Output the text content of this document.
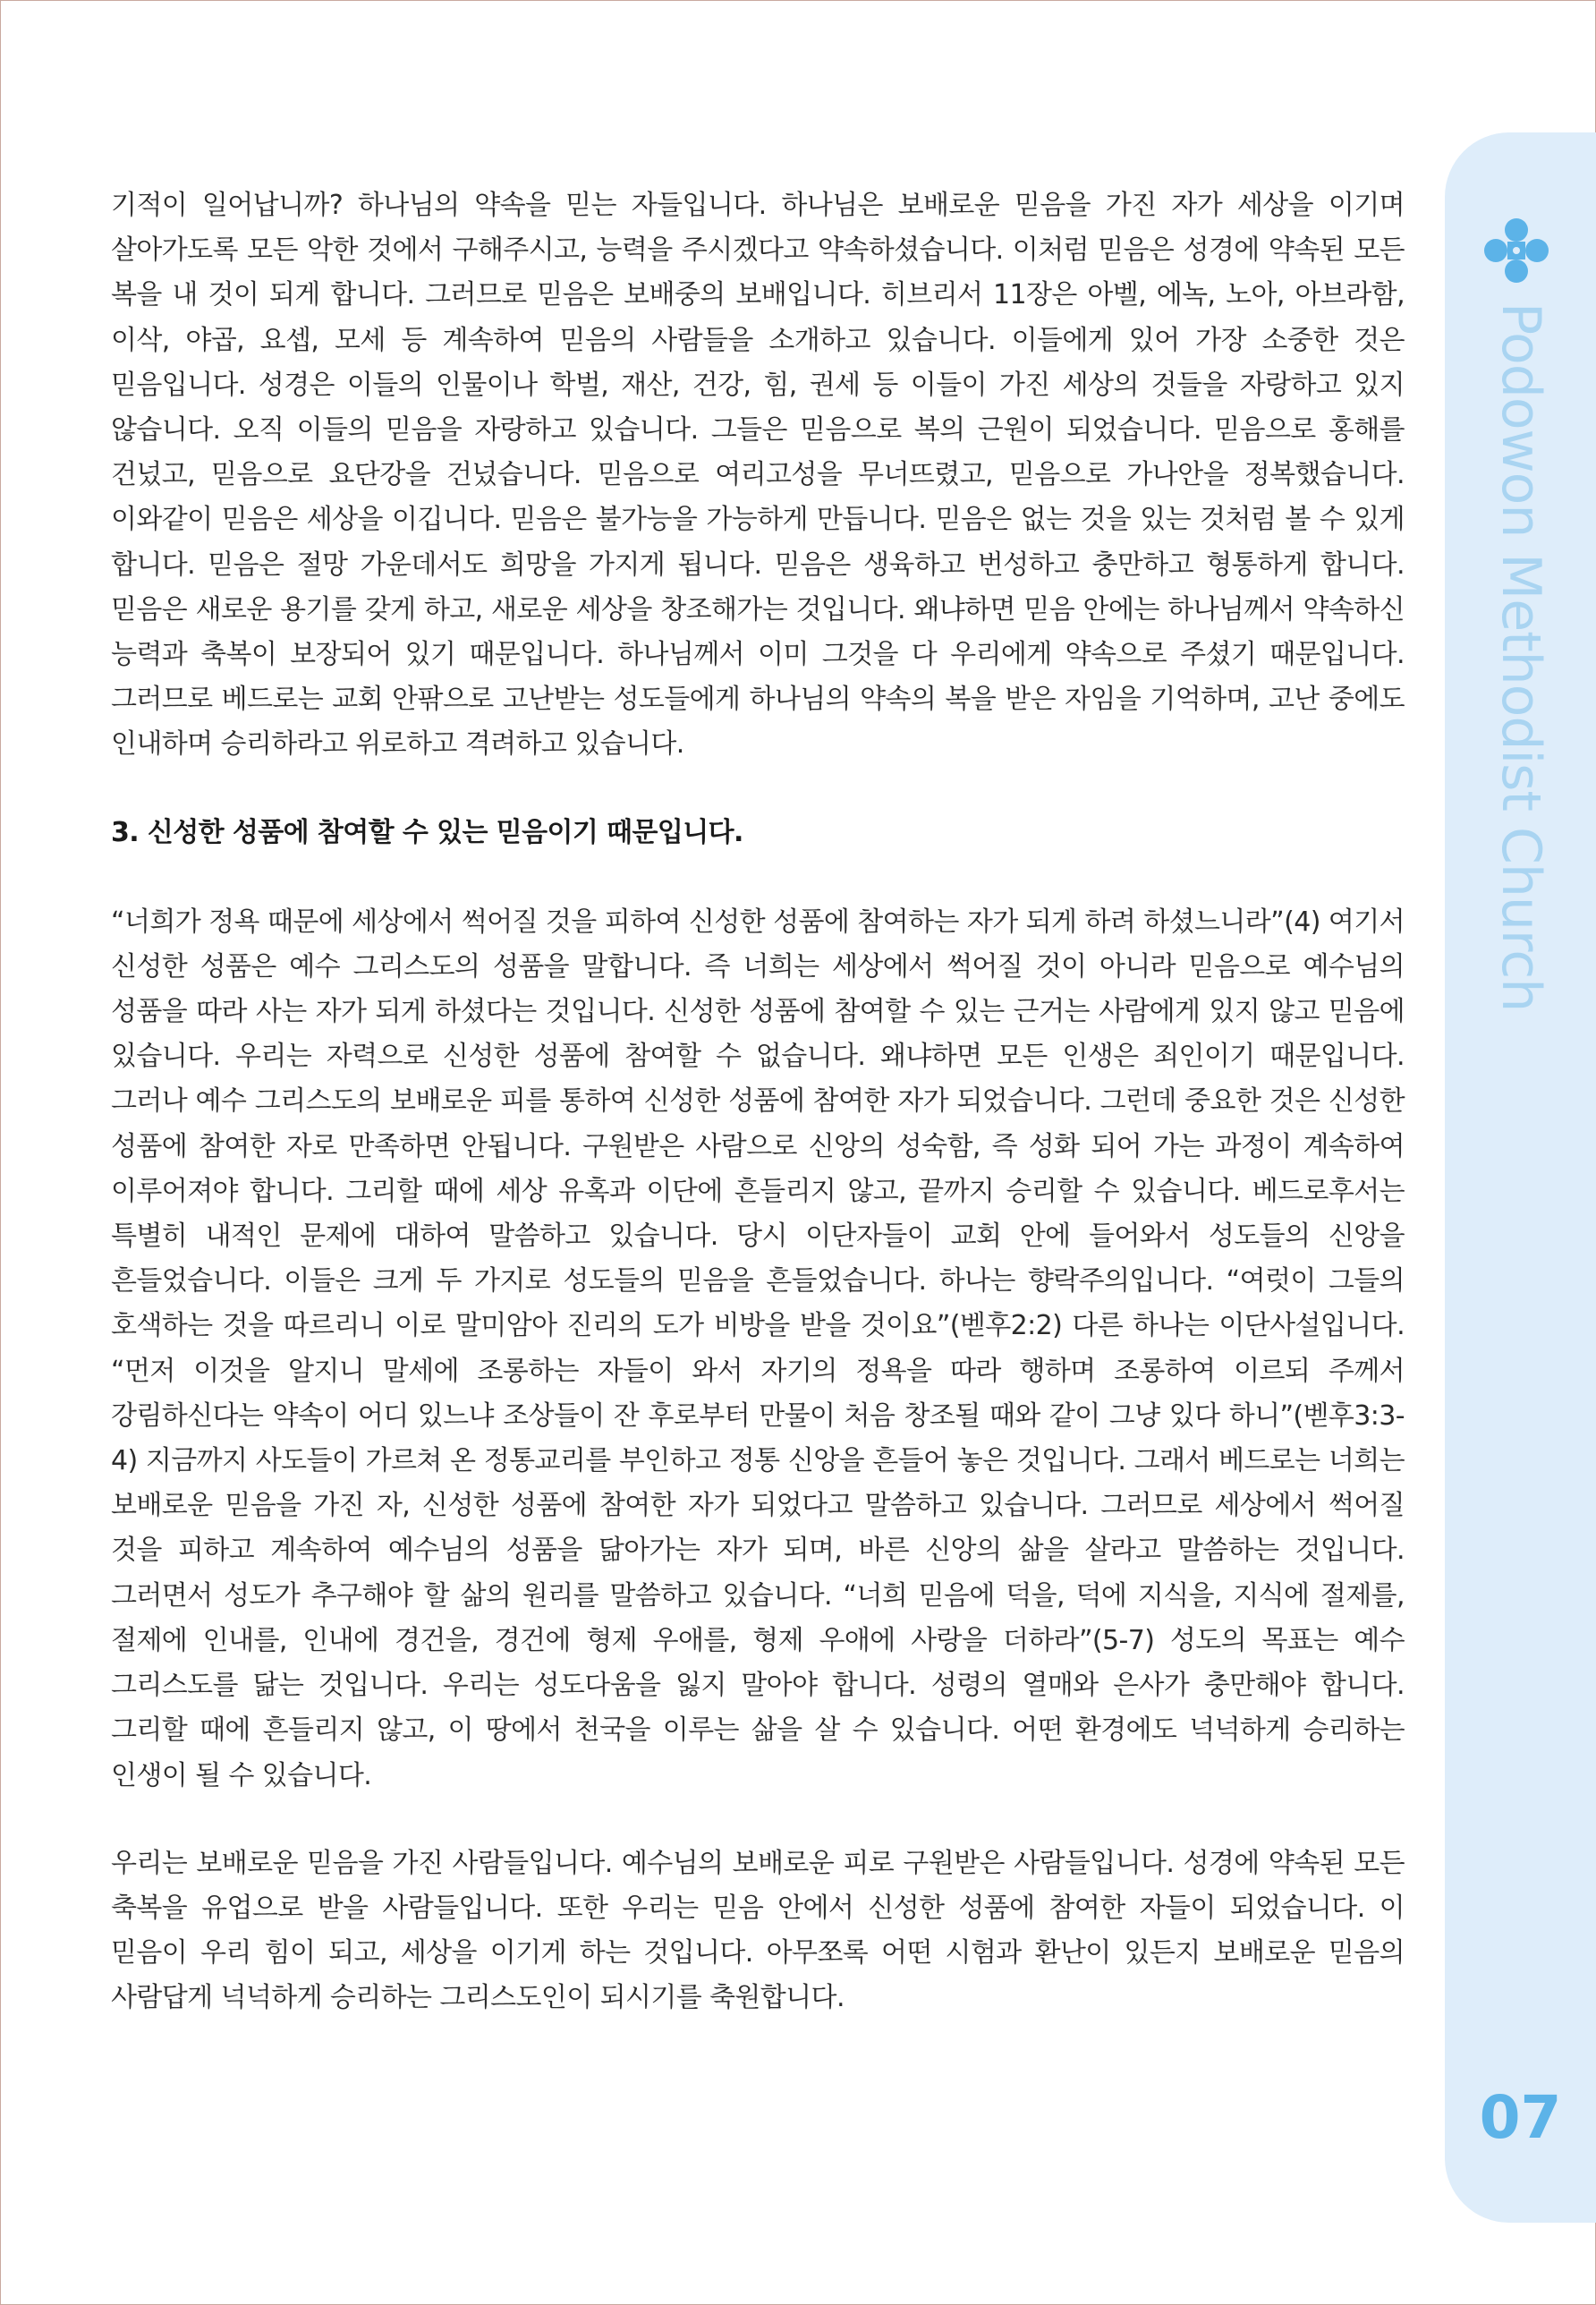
기적이 일어납니까? 하나님의 약속을 믿는 자들입니다. 하나님은 보배로운 믿음을 가진 자가 세상을 이기며 살아가도록 모든 악한 것에서 구해주시고, 능력을 주시겠다고 약속하셨습니다. 이처럼 믿음은 성경에 약속된 모든 복을 내 것이 되게 합니다. 그러므로 믿음은 보배중의 보배입니다. 히브리서 11장은 아벨, 에녹, 노아, 아브라함, 이삭, 야곱, 요셉, 모세 등 계속하여 믿음의 사람들을 소개하고 있습니다. 이들에게 있어 가장 소중한 것은 믿음입니다. 성경은 이들의 인물이나 학벌, 재산, 건강, 힘, 권세 등 이들이 가진 세상의 것들을 자랑하고 있지 않습니다. 오직 이들의 믿음을 자랑하고 있습니다. 그들은 믿음으로 복의 근원이 되었습니다. 믿음으로 홍해를 건넜고, 믿음으로 요단강을 건넜습니다. 믿음으로 여리고성을 무너뜨렸고, 믿음으로 가나안을 정복했습니다. 이와같이 믿음은 세상을 이깁니다. 믿음은 불가능을 가능하게 만듭니다. 믿음은 없는 것을 있는 것처럼 볼 수 있게 합니다. 믿음은 절망 가운데서도 희망을 가지게 됩니다. 믿음은 생육하고 번성하고 충만하고 형통하게 합니다. 믿음은 새로운 용기를 갖게 하고, 새로운 세상을 창조해가는 것입니다. 왜냐하면 믿음 안에는 하나님께서 약속하신 능력과 축복이 보장되어 있기 때문입니다. 하나님께서 이미 그것을 다 우리에게 약속으로 주셨기 때문입니다. 그러므로 베드로는 교회 안팎으로 고난받는 성도들에게 하나님의 약속의 복을 받은 자임을 기억하며, 고난 중에도 인내하며 승리하라고 위로하고 격려하고 있습니다.

3. 신성한 성품에 참여할 수 있는 믿음이기 때문입니다.

“너희가 정욕 때문에 세상에서 썩어질 것을 피하여 신성한 성품에 참여하는 자가 되게 하려 하셨느니라”(4) 여기서 신성한 성품은 예수 그리스도의 성품을 말합니다. 즉 너희는 세상에서 썩어질 것이 아니라 믿음으로 예수님의 성품을 따라 사는 자가 되게 하셨다는 것입니다. 신성한 성품에 참여할 수 있는 근거는 사람에게 있지 않고 믿음에 있습니다. 우리는 자력으로 신성한 성품에 참여할 수 없습니다. 왜냐하면 모든 인생은 죄인이기 때문입니다. 그러나 예수 그리스도의 보배로운 피를 통하여 신성한 성품에 참여한 자가 되었습니다. 그런데 중요한 것은 신성한 성품에 참여한 자로 만족하면 안됩니다. 구원받은 사람으로 신앙의 성숙함, 즉 성화 되어 가는 과정이 계속하여 이루어져야 합니다. 그리할 때에 세상 유혹과 이단에 흔들리지 않고, 끝까지 승리할 수 있습니다. 베드로후서는 특별히 내적인 문제에 대하여 말씀하고 있습니다. 당시 이단자들이 교회 안에 들어와서 성도들의 신앙을 흔들었습니다. 이들은 크게 두 가지로 성도들의 믿음을 흔들었습니다. 하나는 향락주의입니다. “여럿이 그들의 호색하는 것을 따르리니 이로 말미암아 진리의 도가 비방을 받을 것이요”(벧후2:2) 다른 하나는 이단사설입니다. “먼저 이것을 알지니 말세에 조롱하는 자들이 와서 자기의 정욕을 따라 행하며 조롱하여 이르되 주께서 강림하신다는 약속이 어디 있느냐 조상들이 잔 후로부터 만물이 처음 창조될 때와 같이 그냥 있다 하니”(벧후3:3-4) 지금까지 사도들이 가르쳐 온 정통교리를 부인하고 정통 신앙을 흔들어 놓은 것입니다. 그래서 베드로는 너희는 보배로운 믿음을 가진 자, 신성한 성품에 참여한 자가 되었다고 말씀하고 있습니다. 그러므로 세상에서 썩어질 것을 피하고 계속하여 예수님의 성품을 닮아가는 자가 되며, 바른 신앙의 삶을 살라고 말씀하는 것입니다. 그러면서 성도가 추구해야 할 삶의 원리를 말씀하고 있습니다. “너희 믿음에 덕을, 덕에 지식을, 지식에 절제를, 절제에 인내를, 인내에 경건을, 경건에 형제 우애를, 형제 우애에 사랑을 더하라”(5-7) 성도의 목표는 예수 그리스도를 닮는 것입니다. 우리는 성도다움을 잃지 말아야 합니다. 성령의 열매와 은사가 충만해야 합니다. 그리할 때에 흔들리지 않고, 이 땅에서 천국을 이루는 삶을 살 수 있습니다. 어떤 환경에도 넉넉하게 승리하는 인생이 될 수 있습니다.

우리는 보배로운 믿음을 가진 사람들입니다. 예수님의 보배로운 피로 구원받은 사람들입니다. 성경에 약속된 모든 축복을 유업으로 받을 사람들입니다. 또한 우리는 믿음 안에서 신성한 성품에 참여한 자들이 되었습니다. 이 믿음이 우리 힘이 되고, 세상을 이기게 하는 것입니다. 아무쪼록 어떤 시험과 환난이 있든지 보배로운 믿음의 사람답게 넉넉하게 승리하는 그리스도인이 되시기를 축원합니다.

Podowon Methodist Church
07
